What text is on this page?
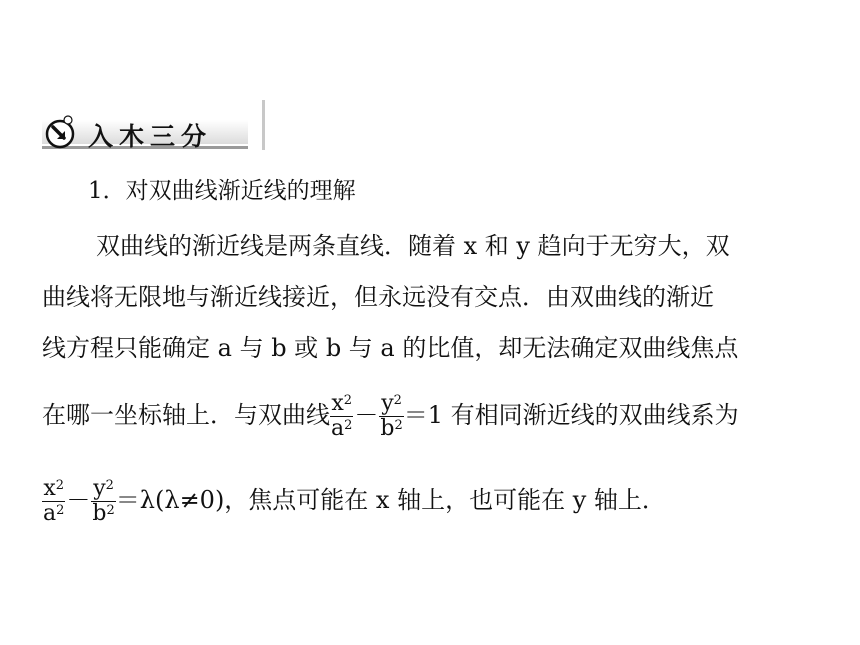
入木三分
1．对双曲线渐近线的理解
双曲线的渐近线是两条直线．随着 x 和 y 趋向于无穷大，双
曲线将无限地与渐近线接近，但永远没有交点．由双曲线的渐近
线方程只能确定 a 与 b 或 b 与 a 的比值，却无法确定双曲线焦点
在哪一坐标轴上．与双曲线 $\frac{x^2}{a^2} - \frac{y^2}{b^2} =1$ 有相同渐近线的双曲线系为
$\frac{x^2}{a^2} - \frac{y^2}{b^2} =\lambda(\lambda\ne 0)$，焦点可能在 x 轴上，也可能在 y 轴上．
